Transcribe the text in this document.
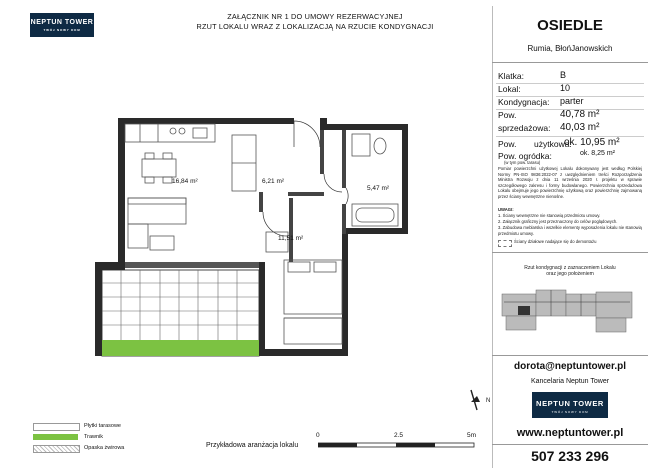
NEPTUN TOWER
TWÓJ NOWY DOM
ZAŁĄCZNIK NR 1 DO UMOWY REZERWACYJNEJ
RZUT LOKALU WRAZ Z LOKALIZACJĄ NA RZUCIE KONDYGNACJI
16,84 m²	6,21 m²
5,47 m²
11,51 m²
N
Płytki tarasowe
Trawnik
Opaska żwirowa	Przykładowa aranżacja lokalu
0	2.5	5m
OSIEDLE
Rumia, BłońJanowskich
Klatka:	B
Lokal:	10
Kondygnacja: parter
Pow.	40,78 m²
sprzedażowa: 40,03 m²
Pow. użytkowa:
ok. 10,95 m²
Pow. ogródka:	ok. 8,25 m²
(w tym pow. tarasu)
Pomiar powierzchni użytkowej Lokalu dokonywany jest według Polskiej Normy PN-ISO 9836:2022-07 z uwzględnieniem treści Rozporządzenia Ministra Rozwoju z dnia 11 września 2020 r. projektu w sprawie szczegółowego zakresu i formy budowlanego. Powierzchnia sprzedażowa Lokalu obejmuje jego powierzchnię użytkową oraz powierzchnię zajmowaną przez ściany wewnętrzne nienośne.
UWAGI:
1. Ściany wewnętrzne nie stanowią przedmiotu umowy.
2. Załącznik graficzny jest przeznaczony do celów poglądowych.
3. Zabudowa meblarska i wszelkie elementy wyposażenia lokalu nie stanowią przedmiotu umowy.
Ściany działowe nadające się do demontażu
Rzut kondygnacji z zaznaczeniem Lokalu
oraz jego położeniem
dorota@neptuntower.pl
Kancelaria Neptun Tower
NEPTUN TOWER
TWÓJ NOWY DOM
www.neptuntower.pl
507 233 296
